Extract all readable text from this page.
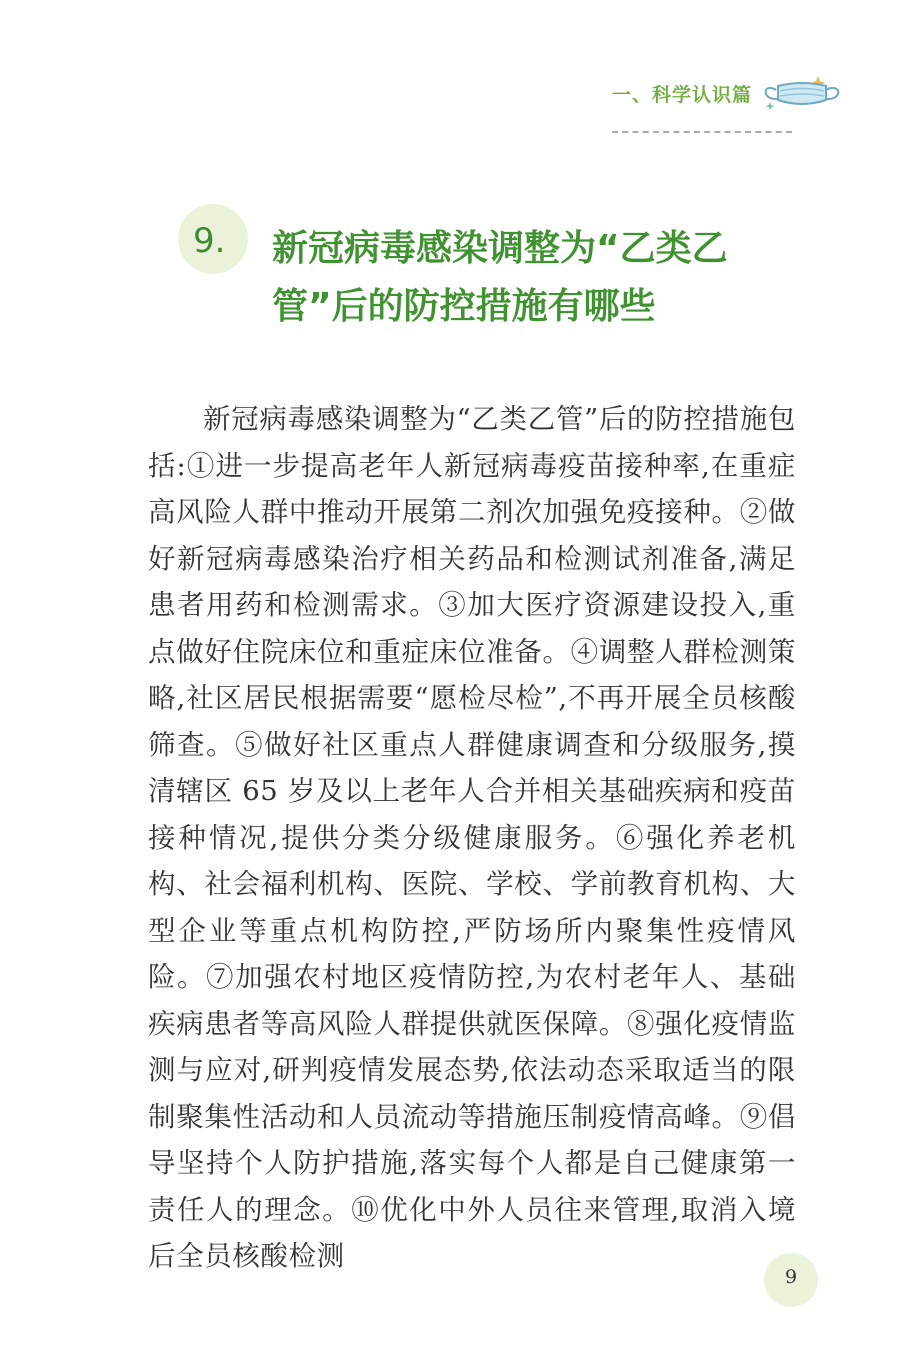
一、科学认识篇
9. 新冠病毒感染调整为“乙类乙管”后的防控措施有哪些

新冠病毒感染调整为“乙类乙管”后的防控措施包括:①进一步提高老年人新冠病毒疫苗接种率,在重症高风险人群中推动开展第二剂次加强免疫接种。②做好新冠病毒感染治疗相关药品和检测试剂准备,满足患者用药和检测需求。③加大医疗资源建设投入,重点做好住院床位和重症床位准备。④调整人群检测策略,社区居民根据需要“愿检尽检”,不再开展全员核酸筛查。⑤做好社区重点人群健康调查和分级服务,摸清辖区 65 岁及以上老年人合并相关基础疾病和疫苗接种情况,提供分类分级健康服务。⑥强化养老机构、社会福利机构、医院、学校、学前教育机构、大型企业等重点机构防控,严防场所内聚集性疫情风险。⑦加强农村地区疫情防控,为农村老年人、基础疾病患者等高风险人群提供就医保障。⑧强化疫情监测与应对,研判疫情发展态势,依法动态采取适当的限制聚集性活动和人员流动等措施压制疫情高峰。⑨倡导坚持个人防护措施,落实每个人都是自己健康第一责任人的理念。⑩优化中外人员往来管理,取消入境后全员核酸检测

9
